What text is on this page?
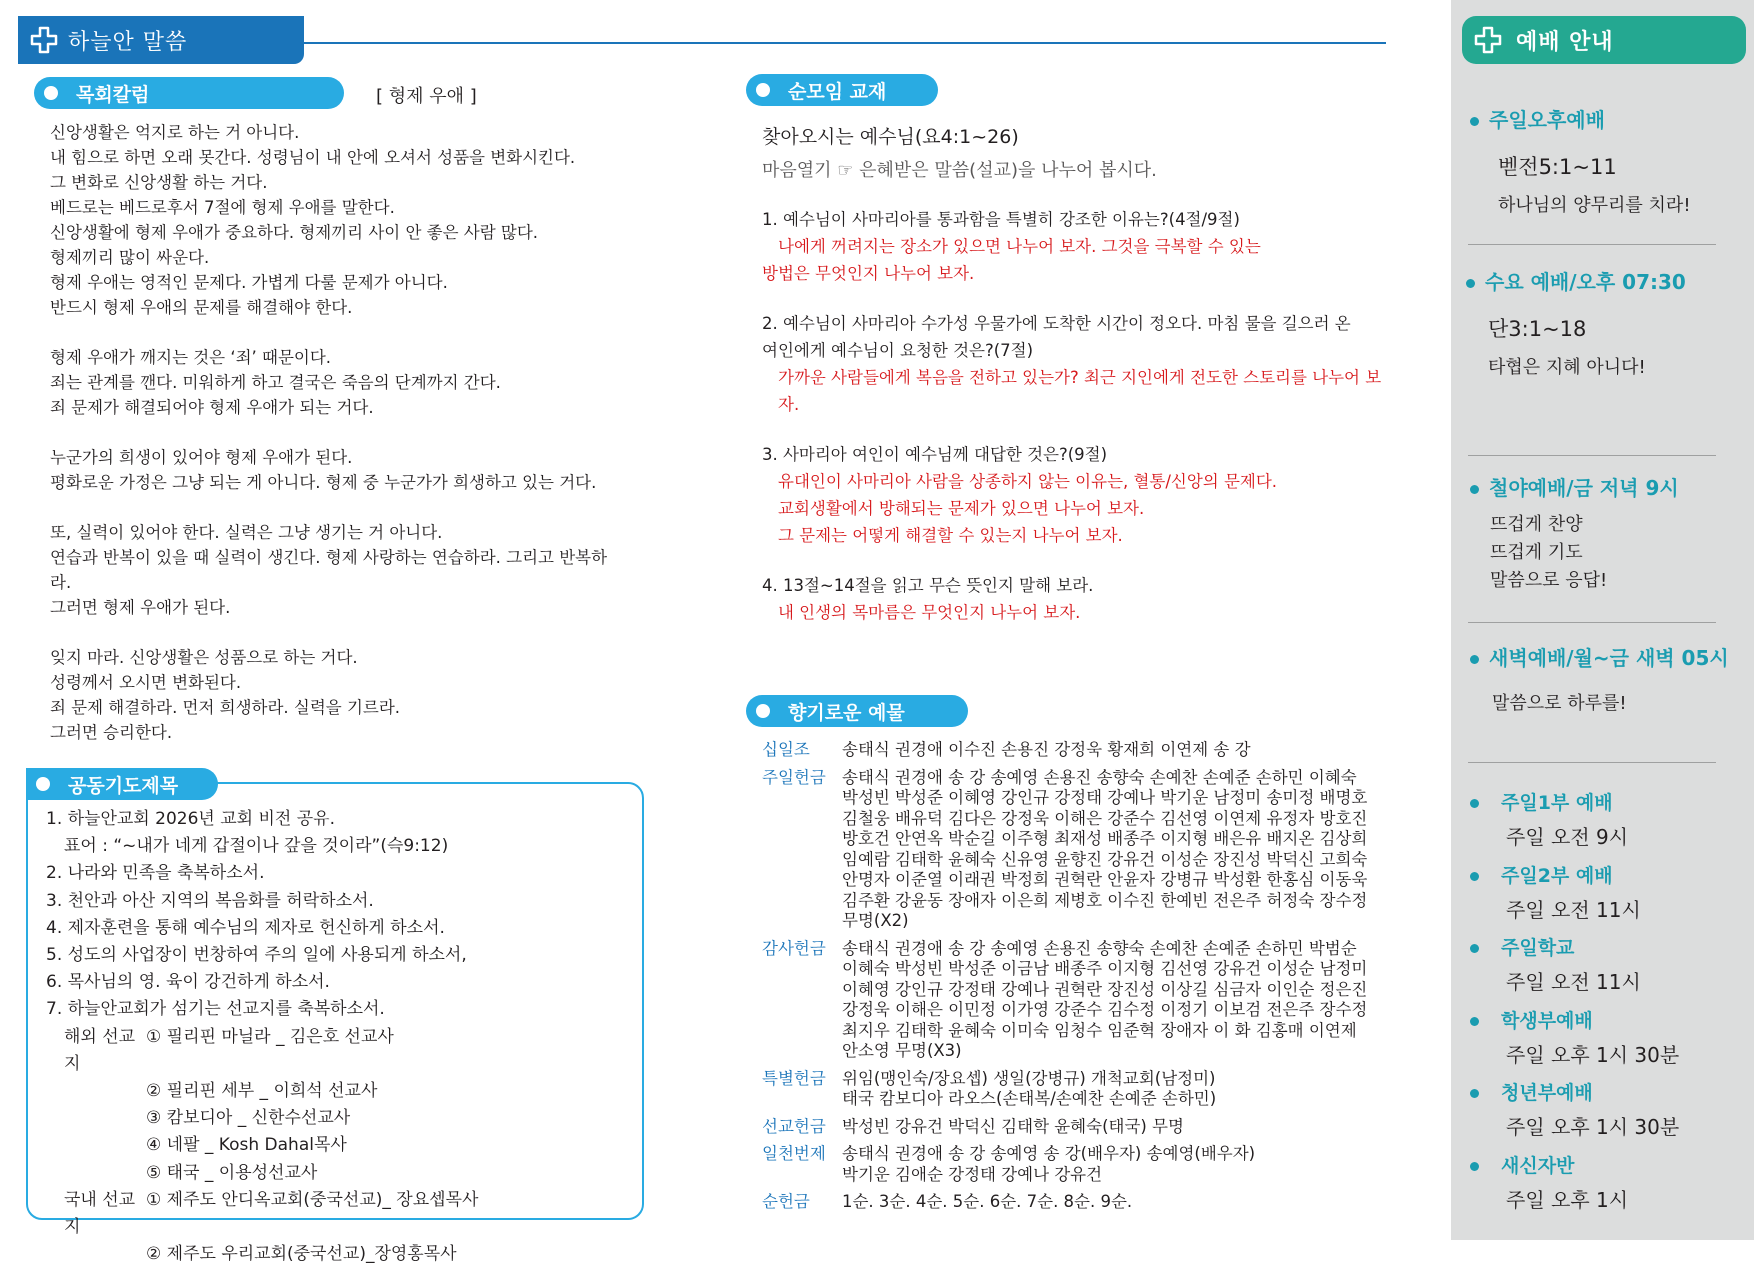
하늘안 말씀
목회칼럼	[ 형제 우애 ]
신앙생활은 억지로 하는 거 아니다.
내 힘으로 하면 오래 못간다. 성령님이 내 안에 오셔서 성품을 변화시킨다.
그 변화로 신앙생활 하는 거다.
베드로는 베드로후서 7절에 형제 우애를 말한다.
신앙생활에 형제 우애가 중요하다. 형제끼리 사이 안 좋은 사람 많다.
형제끼리 많이 싸운다.
형제 우애는 영적인 문제다. 가볍게 다룰 문제가 아니다.
반드시 형제 우애의 문제를 해결해야 한다.
형제 우애가 깨지는 것은 ‘죄’ 때문이다.
죄는 관계를 깬다. 미워하게 하고 결국은 죽음의 단계까지 간다.
죄 문제가 해결되어야 형제 우애가 되는 거다.
누군가의 희생이 있어야 형제 우애가 된다.
평화로운 가정은 그냥 되는 게 아니다. 형제 중 누군가가 희생하고 있는 거다.
또, 실력이 있어야 한다. 실력은 그냥 생기는 거 아니다.
연습과 반복이 있을 때 실력이 생긴다. 형제 사랑하는 연습하라. 그리고 반복하라.
그러면 형제 우애가 된다.
잊지 마라. 신앙생활은 성품으로 하는 거다.
성령께서 오시면 변화된다.
죄 문제 해결하라. 먼저 희생하라. 실력을 기르라.
그러면 승리한다.
공동기도제목
1. 하늘안교회 2026년 교회 비전 공유.
표어 : “~내가 네게 갑절이나 갚을 것이라”(슥9:12)
2. 나라와 민족을 축복하소서.
3. 천안과 아산 지역의 복음화를 허락하소서.
4. 제자훈련을 통해 예수님의 제자로 헌신하게 하소서.
5. 성도의 사업장이 번창하여 주의 일에 사용되게 하소서,
6. 목사님의 영. 육이 강건하게 하소서.
7. 하늘안교회가 섬기는 선교지를 축복하소서.
해외 선교지
① 필리핀 마닐라 _ 김은호 선교사
② 필리핀 세부 _ 이희석 선교사
③ 캄보디아 _ 신한수선교사
④ 네팔 _ Kosh Dahal목사
⑤ 태국 _ 이용성선교사
국내 선교지
① 제주도 안디옥교회(중국선교)_ 장요셉목사
② 제주도 우리교회(중국선교)_장영홍목사
순모임 교재
찾아오시는 예수님(요4:1~26)
마음열기 ☞ 은혜받은 말씀(설교)을 나누어 봅시다.
1. 예수님이 사마리아를 통과함을 특별히 강조한 이유는?(4절/9절)
나에게 꺼려지는 장소가 있으면 나누어 보자. 그것을 극복할 수 있는
방법은 무엇인지 나누어 보자.
2. 예수님이 사마리아 수가성 우물가에 도착한 시간이 정오다. 마침 물을 길으러 온
여인에게 예수님이 요청한 것은?(7절)
가까운 사람들에게 복음을 전하고 있는가? 최근 지인에게 전도한 스토리를 나누어 보자.
3. 사마리아 여인이 예수님께 대답한 것은?(9절)
유대인이 사마리아 사람을 상종하지 않는 이유는, 혈통/신앙의 문제다.
교회생활에서 방해되는 문제가 있으면 나누어 보자.
그 문제는 어떻게 해결할 수 있는지 나누어 보자.
4. 13절~14절을 읽고 무슨 뜻인지 말해 보라.
내 인생의 목마름은 무엇인지 나누어 보자.
향기로운 예물
십일조	송태식 권경애 이수진 손용진 강정욱 황재희 이연제 송 강
주일헌금 송태식 권경애 송 강 송예영 손용진 송향숙 손예찬 손예준 손하민 이혜숙
박성빈 박성준 이혜영 강인규 강정태 강예나 박기운 남정미 송미정 배명호
김철웅 배유덕 김다은 강정욱 이해은 강준수 김선영 이연제 유정자 방호진
방호건 안연옥 박순길 이주형 최재성 배종주 이지형 배은유 배지온 김상희
임예람 김태학 윤혜숙 신유영 윤향진 강유건 이성순 장진성 박덕신 고희숙
안명자 이준열 이래권 박정희 권혁란 안윤자 강병규 박성환 한홍심 이동욱
김주환 강윤동 장애자 이은희 제병호 이수진 한예빈 전은주 허정숙 장수정
무명(X2)
감사헌금 송태식 권경애 송 강 송예영 손용진 송향숙 손예찬 손예준 손하민 박범순
이혜숙 박성빈 박성준 이금남 배종주 이지형 김선영 강유건 이성순 남정미
이혜영 강인규 강정태 강예나 권혁란 장진성 이상길 심금자 이인순 정은진
강정욱 이해은 이민정 이가영 강준수 김수정 이정기 이보검 전은주 장수정
최지우 김태학 윤혜숙 이미숙 임청수 임준혁 장애자 이 화 김홍매 이연제
안소영 무명(X3)
특별헌금 위임(맹인숙/장요셉) 생일(강병규) 개척교회(남정미)
태국 캄보디아 라오스(손태복/손예찬 손예준 손하민)
선교헌금 박성빈 강유건 박덕신 김태학 윤혜숙(태국) 무명
일천번제 송태식 권경애 송 강 송예영 송 강(배우자) 송예영(배우자)
박기운 김애순 강정태 강예나 강유건
순헌금	1순. 3순. 4순. 5순. 6순. 7순. 8순. 9순.
예배 안내
주일오후예배
벧전5:1~11
하나님의 양무리를 치라!
수요 예배/오후 07:30
단3:1~18
타협은 지혜 아니다!
철야예배/금 저녁 9시
뜨겁게 찬양
뜨겁게 기도
말씀으로 응답!
새벽예배/월~금 새벽 05시
말씀으로 하루를!
주일1부 예배
주일 오전 9시
주일2부 예배
주일 오전 11시
주일학교
주일 오전 11시
학생부예배
주일 오후 1시 30분
청년부예배
주일 오후 1시 30분
새신자반
주일 오후 1시
